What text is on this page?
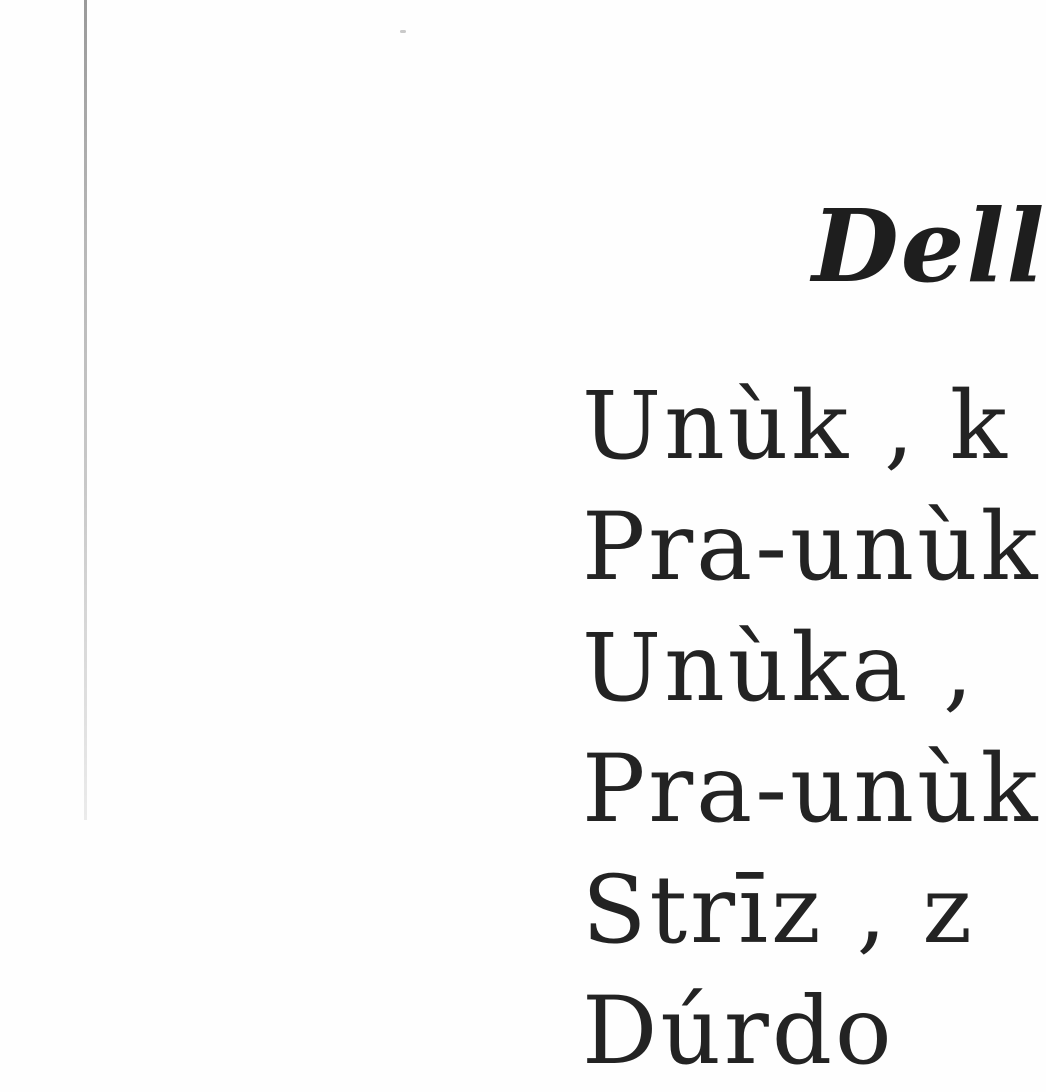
Dell
Unùk , k
Pra-unùk
Unùka ,
Pra-unùk
Strīz , z
Dúrdo
